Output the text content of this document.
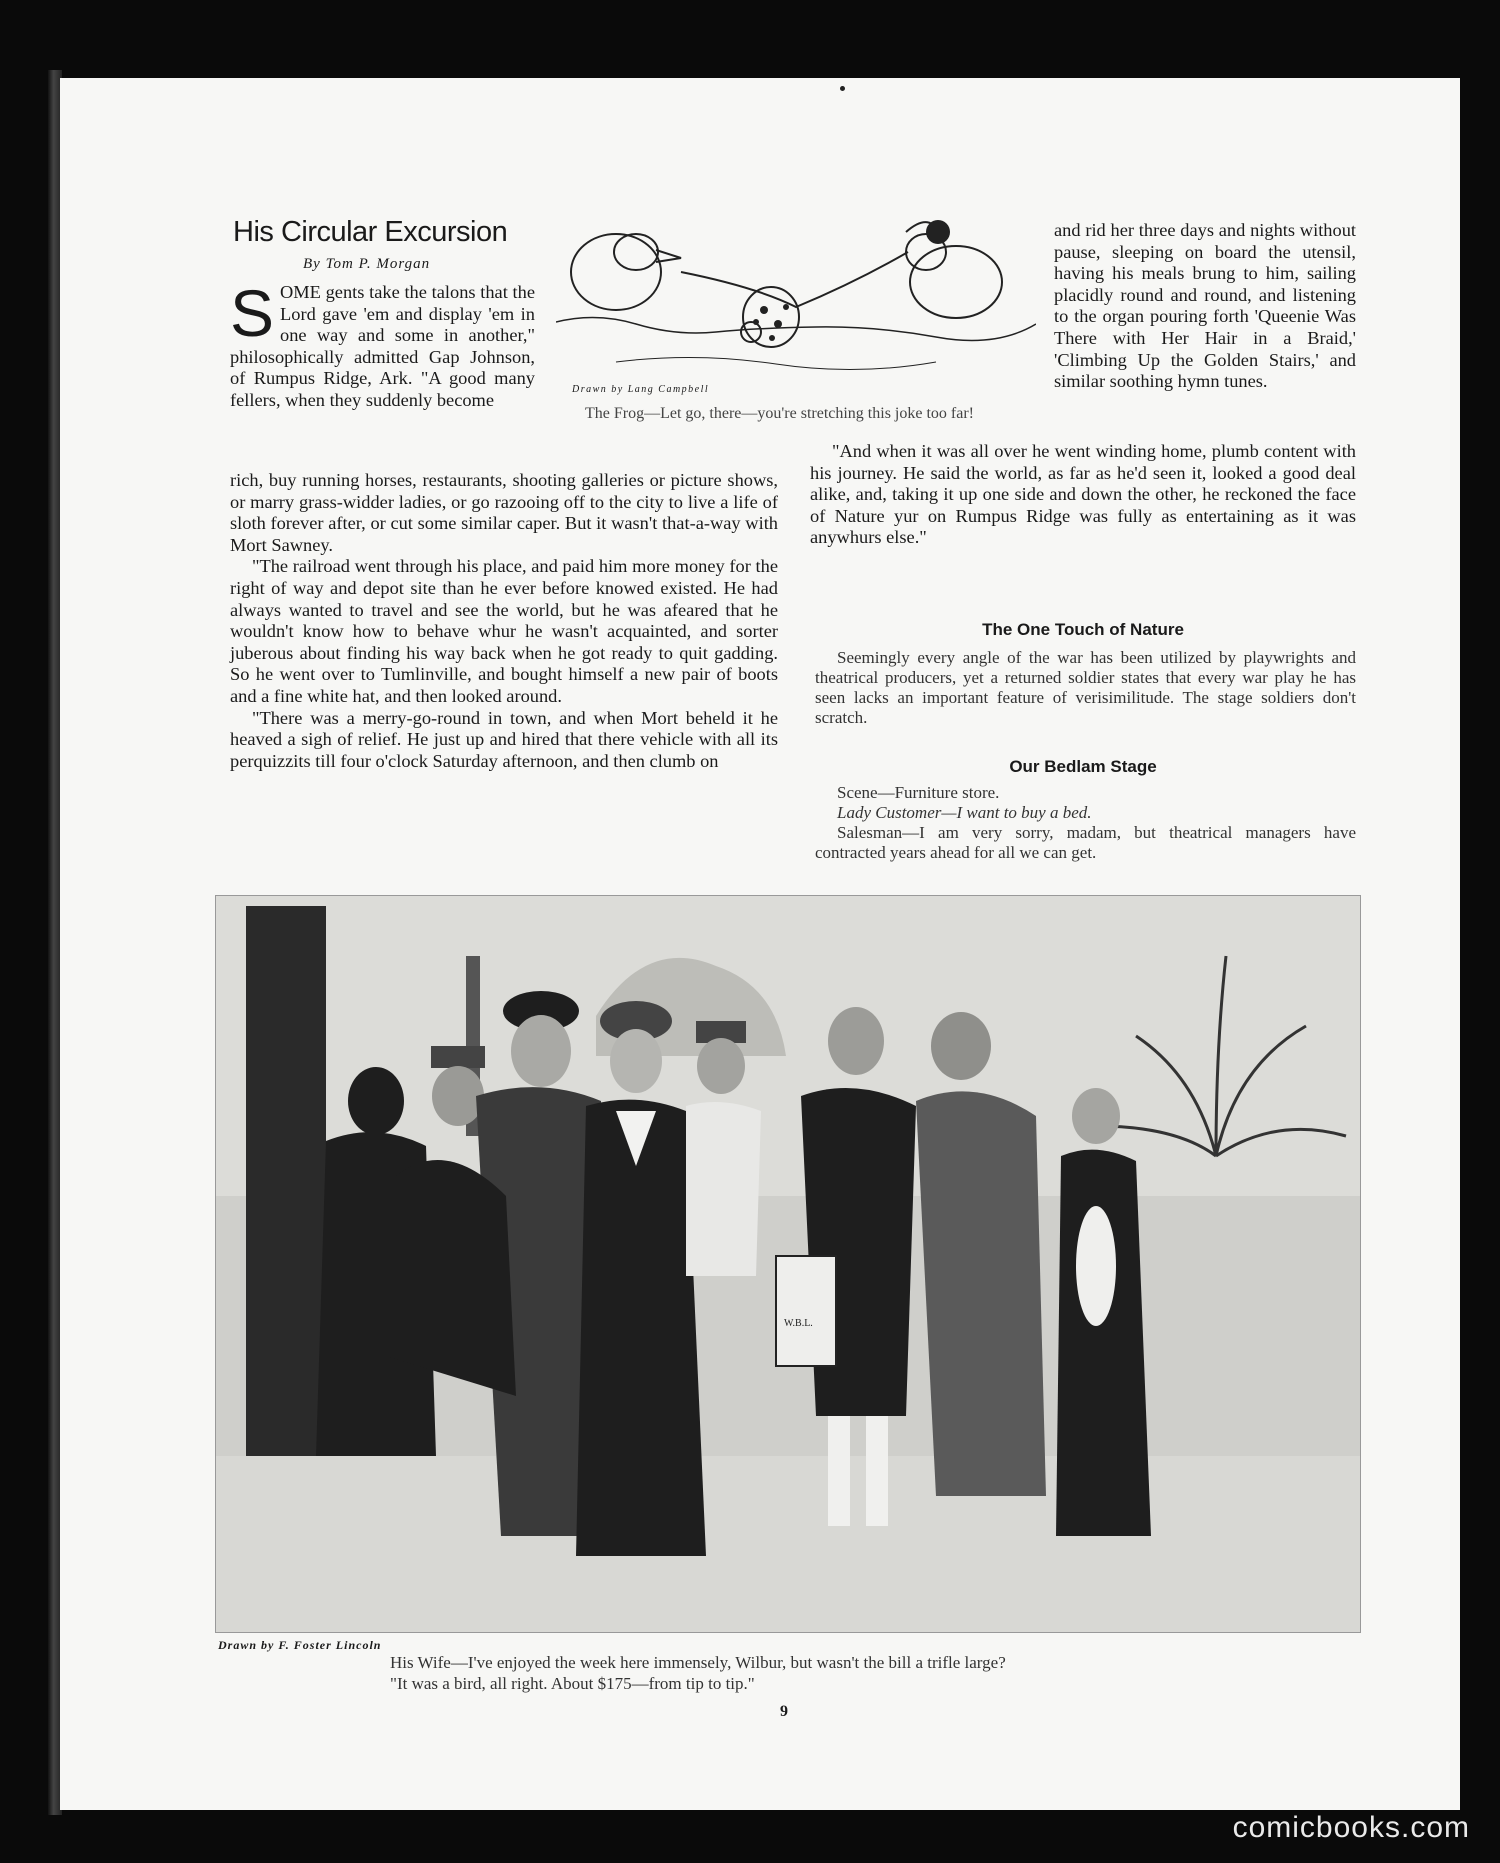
His Circular Excursion
By Tom P. Morgan
S OME gents take the talons that the Lord gave 'em and display 'em in one way and some in another," philosophically admitted Gap Johnson, of Rumpus Ridge, Ark. "A good many fellers, when they suddenly become

rich, buy running horses, restaurants, shooting galleries or picture shows, or marry grass-widder ladies, or go razooing off to the city to live a life of sloth forever after, or cut some similar caper. But it wasn't that-a-way with Mort Sawney.

"The railroad went through his place, and paid him more money for the right of way and depot site than he ever before knowed existed. He had always wanted to travel and see the world, but he was afeared that he wouldn't know how to behave whur he wasn't acquainted, and sorter juberous about finding his way back when he got ready to quit gadding. So he went over to Tumlinville, and bought himself a new pair of boots and a fine white hat, and then looked around.

"There was a merry-go-round in town, and when Mort beheld it he heaved a sigh of relief. He just up and hired that there vehicle with all its perquizzits till four o'clock Saturday afternoon, and then clumb on

Drawn by Lang Campbell
The Frog—Let go, there—you're stretching this joke too far!

and rid her three days and nights without pause, sleeping on board the utensil, having his meals brung to him, sailing placidly round and round, and listening to the organ pouring forth 'Queenie Was There with Her Hair in a Braid,' 'Climbing Up the Golden Stairs,' and similar soothing hymn tunes.

"And when it was all over he went winding home, plumb content with his journey. He said the world, as far as he'd seen it, looked a good deal alike, and, taking it up one side and down the other, he reckoned the face of Nature yur on Rumpus Ridge was fully as entertaining as it was anywhurs else."

The One Touch of Nature

Seemingly every angle of the war has been utilized by playwrights and theatrical producers, yet a returned soldier states that every war play he has seen lacks an important feature of verisimilitude. The stage soldiers don't scratch.

Our Bedlam Stage

Scene—Furniture store.

Lady Customer—I want to buy a bed.

Salesman—I am very sorry, madam, but theatrical managers have contracted years ahead for all we can get.

W.B.L.
Drawn by F. Foster Lincoln

His Wife—I've enjoyed the week here immensely, Wilbur, but wasn't the bill a trifle large?

"It was a bird, all right. About $175—from tip to tip."

9
comicbooks.com
